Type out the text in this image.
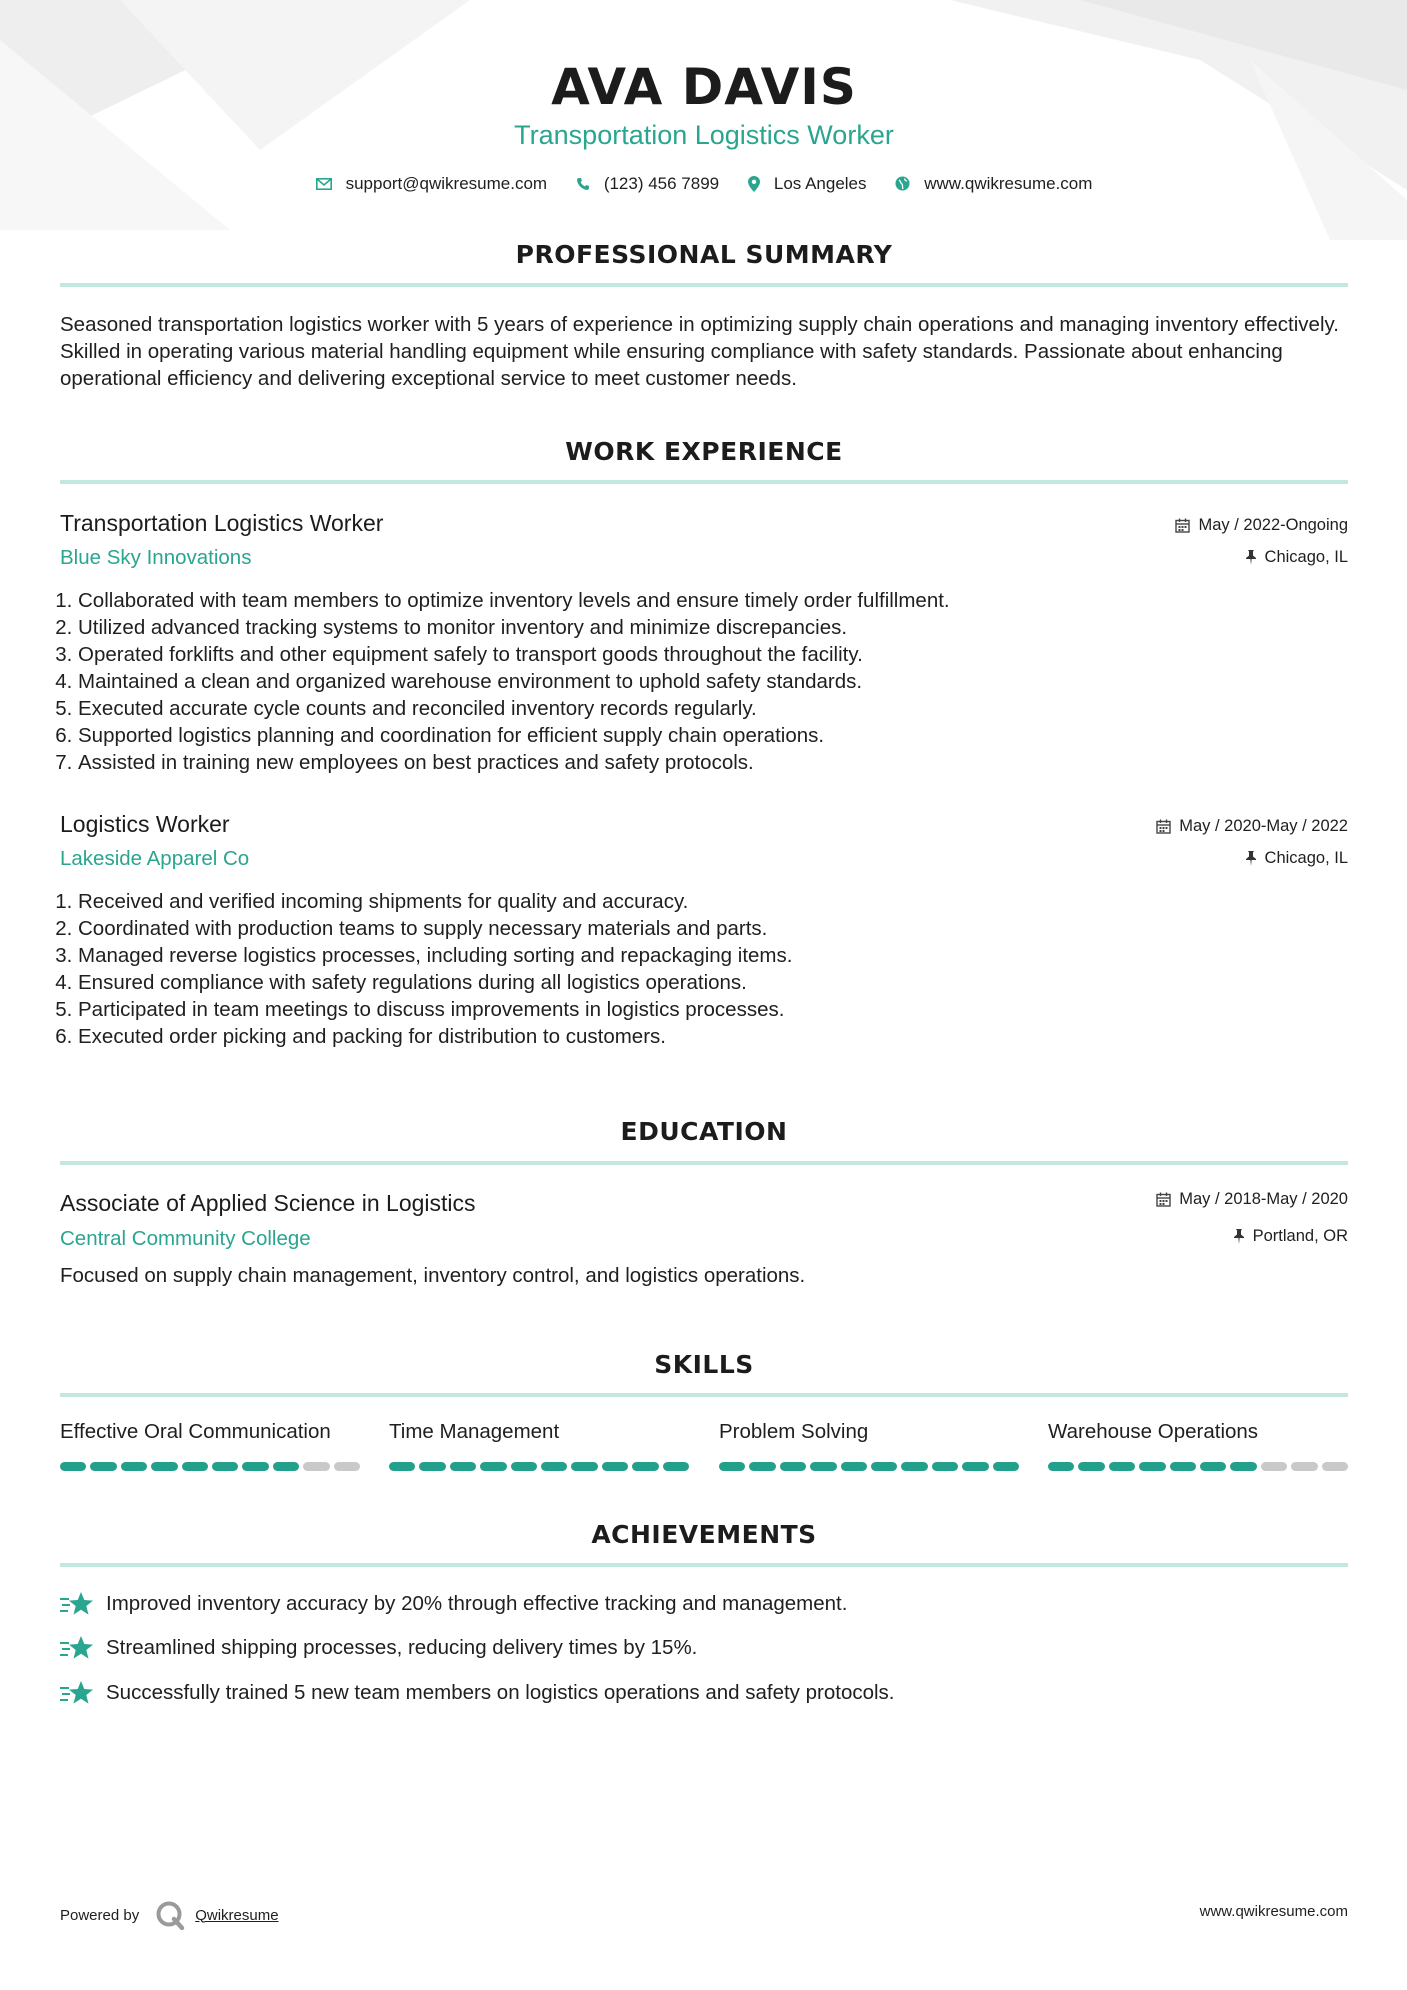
AVA DAVIS
Transportation Logistics Worker
support@qwikresume.com
	(123) 456 7899
	Los Angeles
	www.qwikresume.com
PROFESSIONAL SUMMARY
Seasoned transportation logistics worker with 5 years of experience in optimizing supply chain operations and managing inventory effectively. Skilled in operating various material handling equipment while ensuring compliance with safety standards. Passionate about enhancing operational efficiency and delivering exceptional service to meet customer needs.
WORK EXPERIENCE
Transportation Logistics Worker	May / 2022-Ongoing
Blue Sky Innovations	Chicago, IL
1. Collaborated with team members to optimize inventory levels and ensure timely order fulfillment.
2. Utilized advanced tracking systems to monitor inventory and minimize discrepancies.
3. Operated forklifts and other equipment safely to transport goods throughout the facility.
4. Maintained a clean and organized warehouse environment to uphold safety standards.
5. Executed accurate cycle counts and reconciled inventory records regularly.
6. Supported logistics planning and coordination for efficient supply chain operations.
7. Assisted in training new employees on best practices and safety protocols.
Logistics Worker	May / 2020-May / 2022
Lakeside Apparel Co	Chicago, IL
1. Received and verified incoming shipments for quality and accuracy.
2. Coordinated with production teams to supply necessary materials and parts.
3. Managed reverse logistics processes, including sorting and repackaging items.
4. Ensured compliance with safety regulations during all logistics operations.
5. Participated in team meetings to discuss improvements in logistics processes.
6. Executed order picking and packing for distribution to customers.
EDUCATION
Associate of Applied Science in Logistics	May / 2018-May / 2020
Central Community College	Portland, OR
Focused on supply chain management, inventory control, and logistics operations.
SKILLS
Effective Oral Communication	Time Management	Problem Solving	Warehouse Operations
ACHIEVEMENTS
Improved inventory accuracy by 20% through effective tracking and management.
Streamlined shipping processes, reducing delivery times by 15%.
Successfully trained 5 new team members on logistics operations and safety protocols.
Powered by	Qwikresume	www.qwikresume.com
